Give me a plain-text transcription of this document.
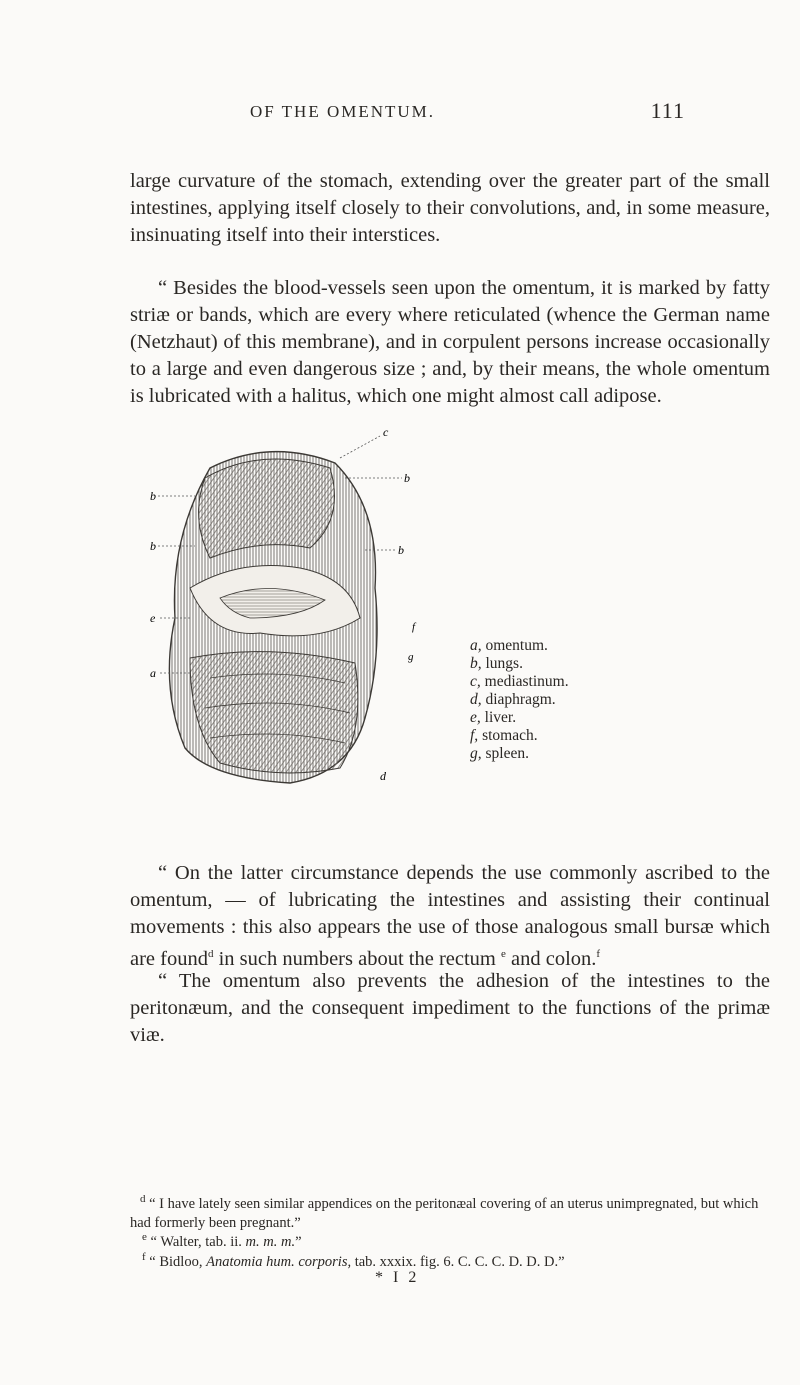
OF THE OMENTUM.	111

large curvature of the stomach, extending over the greater part of the small intestines, applying itself closely to their convolutions, and, in some measure, insinuating itself into their interstices.

“ Besides the blood-vessels seen upon the omentum, it is marked by fatty striæ or bands, which are every where reticulated (whence the German name (Netzhaut) of this membrane), and in corpulent persons increase occasionally to a large and even dangerous size ; and, by their means, the whole omentum is lubricated with a halitus, which one might almost call adipose.

c
b
b
b	b
f
g
e
a
d
a, omentum.
b, lungs.
c, mediastinum.
d, diaphragm.
e, liver.
f, stomach.
g, spleen.

“ On the latter circumstance depends the use commonly ascribed to the omentum, — of lubricating the intestines and assisting their continual movements : this also appears the use of those analogous small bursæ which are found$^d$ in such numbers about the rectum $^e$ and colon.$^f$

“ The omentum also prevents the adhesion of the intestines to the peritonæum, and the consequent impediment to the functions of the primæ viæ.

$^d$ “ I have lately seen similar appendices on the peritonæal covering of an uterus unimpregnated, but which had formerly been pregnant.”

$^e$ “ Walter, tab. ii. m. m. m.”

$^f$ “ Bidloo, Anatomia hum. corporis, tab. xxxix. fig. 6. C. C. C. D. D. D.”

* I 2
